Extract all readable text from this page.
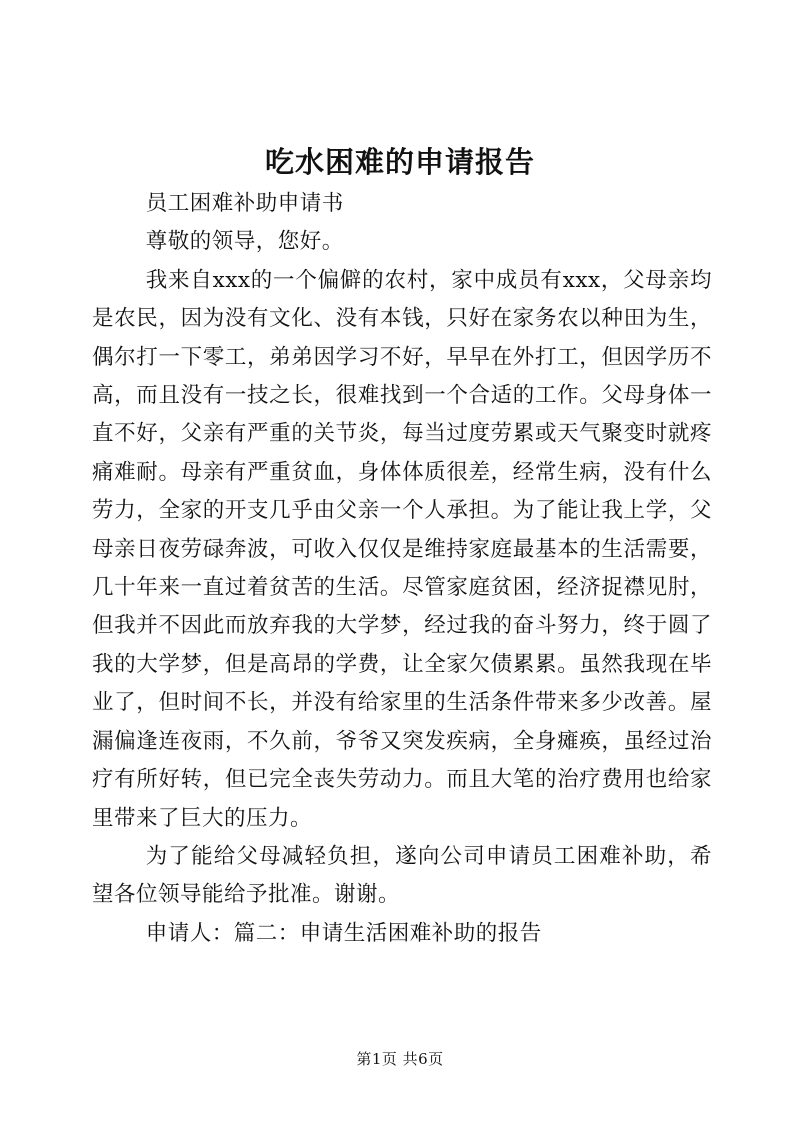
吃水困难的申请报告

员工困难补助申请书

尊敬的领导，您好。

我来自xxx的一个偏僻的农村，家中成员有xxx，父母亲均是农民，因为没有文化、没有本钱，只好在家务农以种田为生，偶尔打一下零工，弟弟因学习不好，早早在外打工，但因学历不高，而且没有一技之长，很难找到一个合适的工作。父母身体一直不好，父亲有严重的关节炎，每当过度劳累或天气聚变时就疼痛难耐。母亲有严重贫血，身体体质很差，经常生病，没有什么劳力，全家的开支几乎由父亲一个人承担。为了能让我上学，父母亲日夜劳碌奔波，可收入仅仅是维持家庭最基本的生活需要，几十年来一直过着贫苦的生活。尽管家庭贫困，经济捉襟见肘，但我并不因此而放弃我的大学梦，经过我的奋斗努力，终于圆了我的大学梦，但是高昂的学费，让全家欠债累累。虽然我现在毕业了，但时间不长，并没有给家里的生活条件带来多少改善。屋漏偏逢连夜雨，不久前，爷爷又突发疾病，全身瘫痪，虽经过治疗有所好转，但已完全丧失劳动力。而且大笔的治疗费用也给家里带来了巨大的压力。

为了能给父母减轻负担，遂向公司申请员工困难补助，希望各位领导能给予批准。谢谢。

申请人：篇二：申请生活困难补助的报告

第1页 共6页
